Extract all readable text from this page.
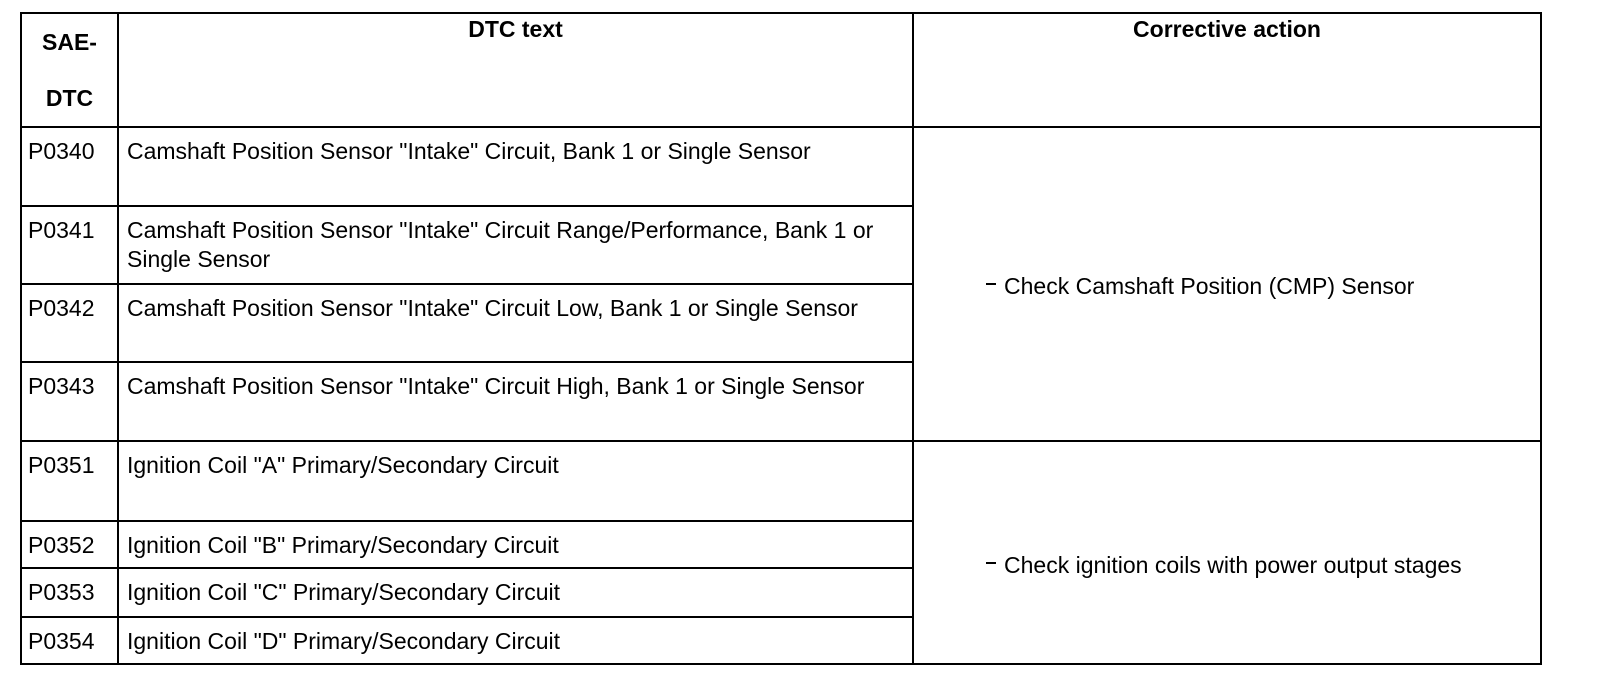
SAE-
DTC	DTC text	Corrective action
P0340	Camshaft Position Sensor "Intake" Circuit, Bank 1 or Single Sensor	Check Camshaft Position (CMP) Sensor

P0341	Camshaft Position Sensor "Intake" Circuit Range/Performance, Bank 1 or Single Sensor	
P0342	Camshaft Position Sensor "Intake" Circuit Low, Bank 1 or Single Sensor	
P0343	Camshaft Position Sensor "Intake" Circuit High, Bank 1 or Single Sensor	
P0351	Ignition Coil "A" Primary/Secondary Circuit	Check ignition coils with power output stages

P0352	Ignition Coil "B" Primary/Secondary Circuit	
P0353	Ignition Coil "C" Primary/Secondary Circuit	
P0354	Ignition Coil "D" Primary/Secondary Circuit	
